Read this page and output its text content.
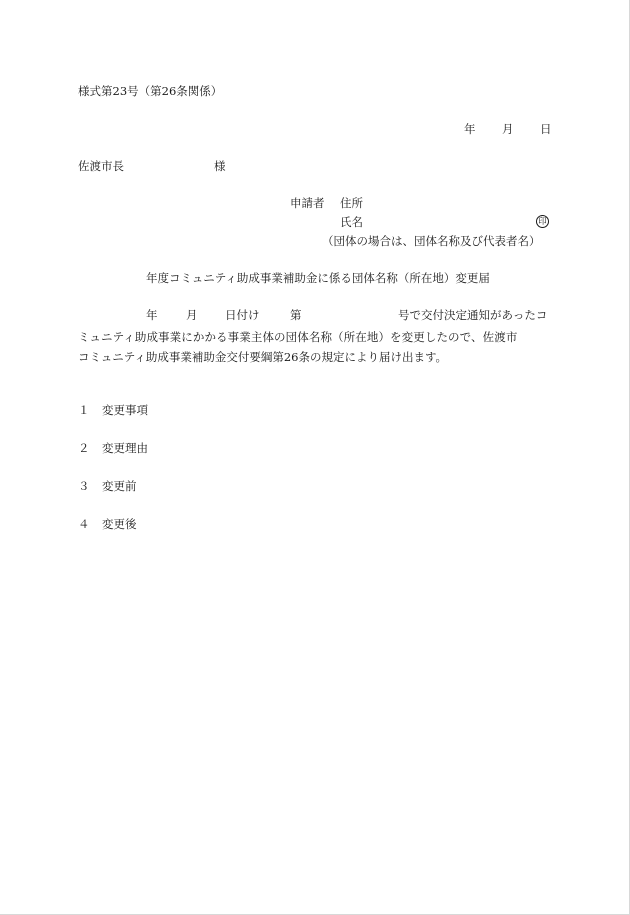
様式第23号（第26条関係）
年 月 日
佐渡市長	様
申請者 住所
氏名	印
（団体の場合は、団体名称及び代表者名）
年度コミュニティ助成事業補助金に係る団体名称（所在地）変更届
年 月 日付け	第	号で交付決定通知があったコ
ミュニティ助成事業にかかる事業主体の団体名称（所在地）を変更したので、佐渡市
コミュニティ助成事業補助金交付要綱第26条の規定により届け出ます。
１ 変更事項
２ 変更理由
３ 変更前
４ 変更後
